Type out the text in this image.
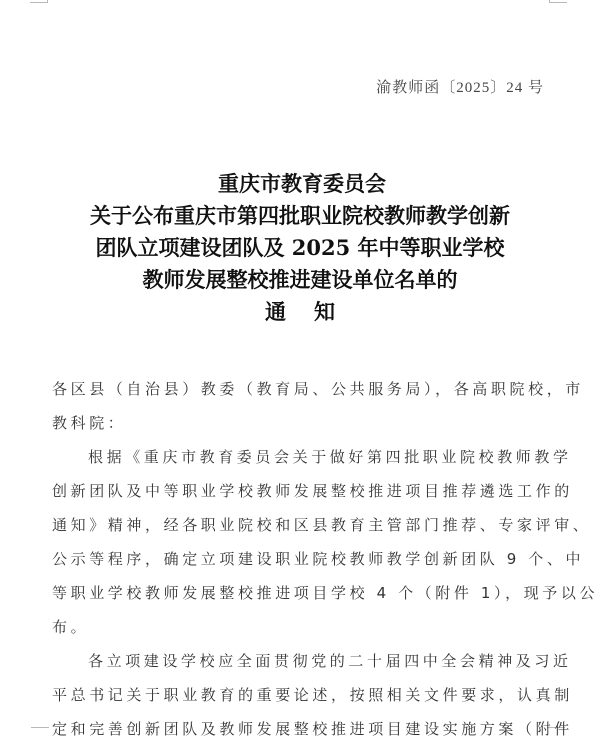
渝教师函〔2025〕24 号
重庆市教育委员会
关于公布重庆市第四批职业院校教师教学创新
团队立项建设团队及 2025 年中等职业学校
教师发展整校推进建设单位名单的
通知
各区县（自治县）教委（教育局、公共服务局），各高职院校，市
教科院：
根据《重庆市教育委员会关于做好第四批职业院校教师教学
创新团队及中等职业学校教师发展整校推进项目推荐遴选工作的
通知》精神，经各职业院校和区县教育主管部门推荐、专家评审、
公示等程序，确定立项建设职业院校教师教学创新团队 9 个、中
等职业学校教师发展整校推进项目学校 4 个（附件 1），现予以公
布。
各立项建设学校应全面贯彻党的二十届四中全会精神及习近
平总书记关于职业教育的重要论述，按照相关文件要求，认真制
定和完善创新团队及教师发展整校推进项目建设实施方案（附件
